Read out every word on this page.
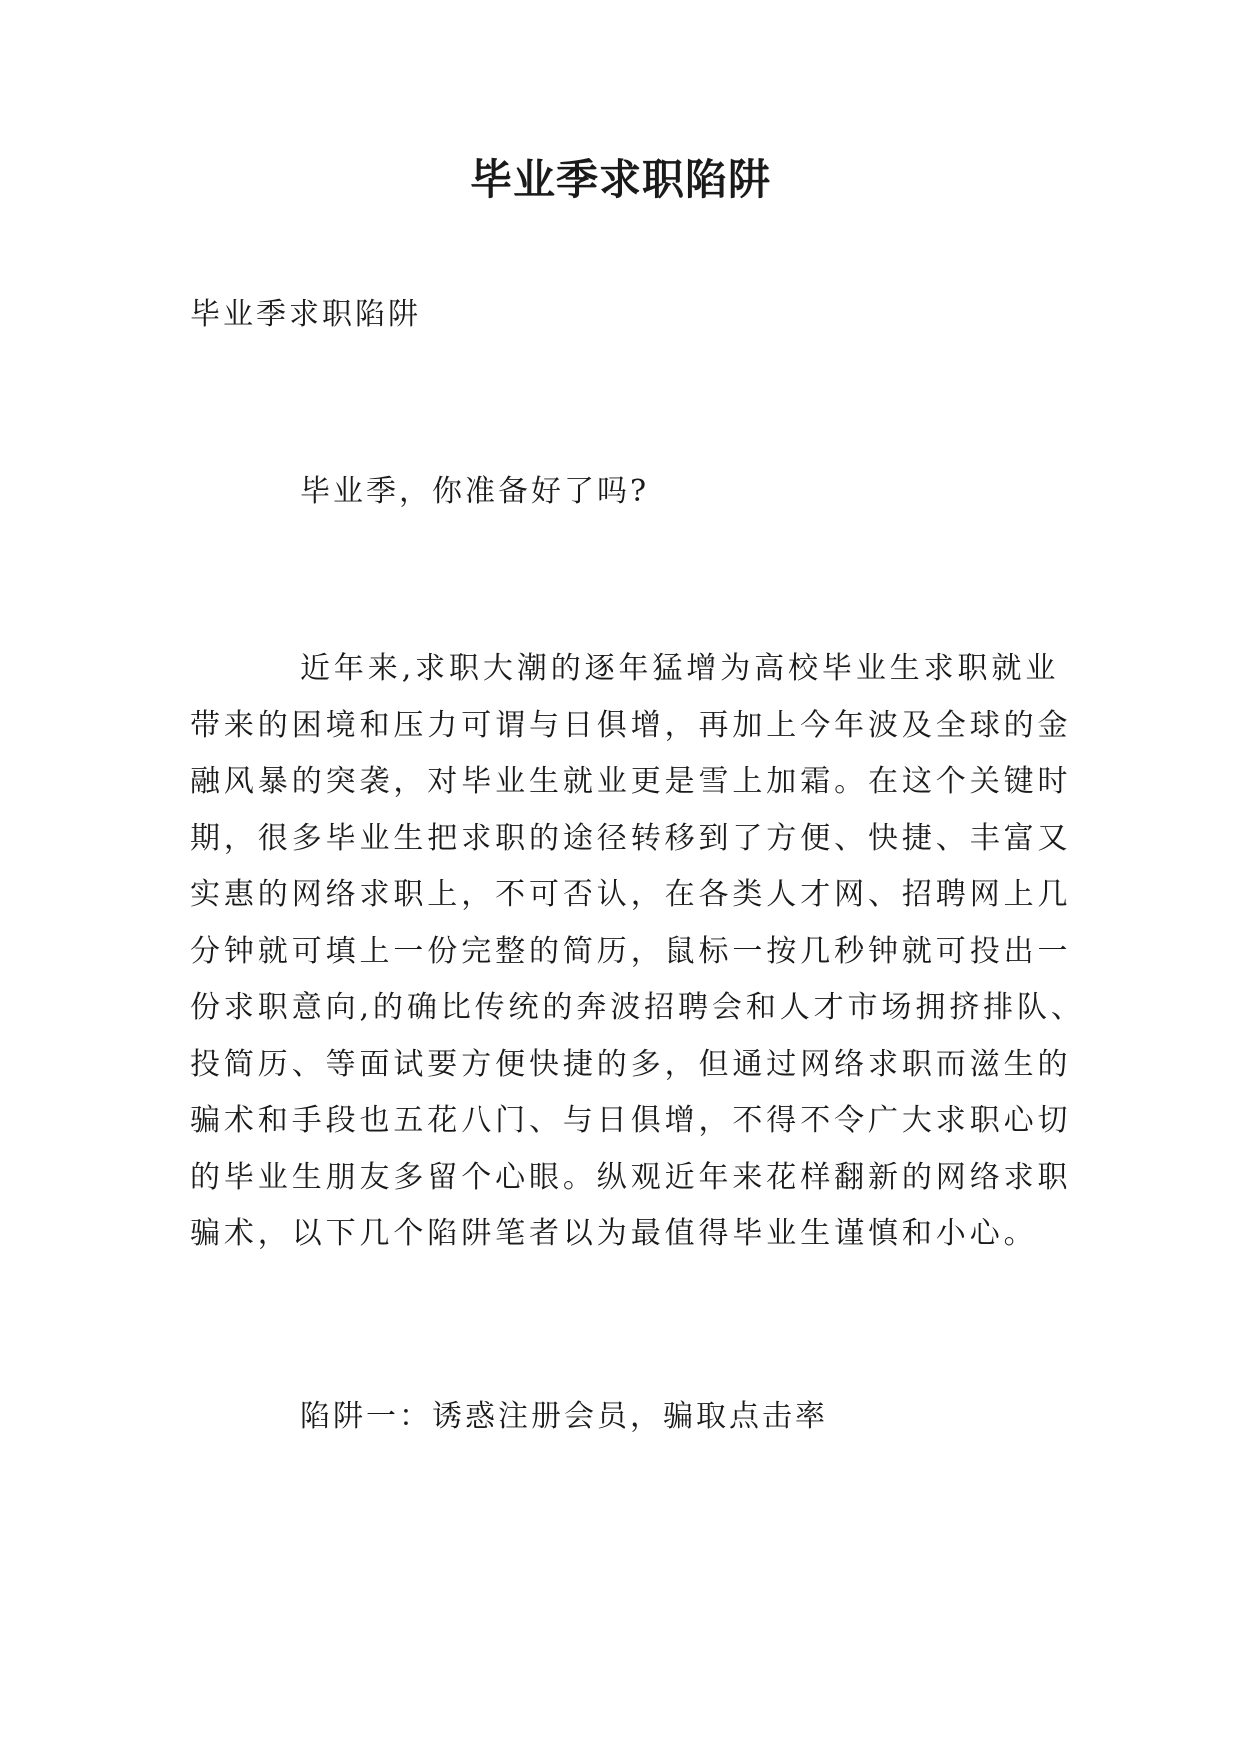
毕业季求职陷阱

毕业季求职陷阱

毕业季，你准备好了吗?

近年来,求职大潮的逐年猛增为高校毕业生求职就业
带来的困境和压力可谓与日俱增，再加上今年波及全球的金
融风暴的突袭，对毕业生就业更是雪上加霜。在这个关键时
期，很多毕业生把求职的途径转移到了方便、快捷、丰富又
实惠的网络求职上，不可否认，在各类人才网、招聘网上几
分钟就可填上一份完整的简历，鼠标一按几秒钟就可投出一
份求职意向,的确比传统的奔波招聘会和人才市场拥挤排队、
投简历、等面试要方便快捷的多，但通过网络求职而滋生的
骗术和手段也五花八门、与日俱增，不得不令广大求职心切
的毕业生朋友多留个心眼。纵观近年来花样翻新的网络求职
骗术，以下几个陷阱笔者以为最值得毕业生谨慎和小心。

陷阱一：诱惑注册会员，骗取点击率
